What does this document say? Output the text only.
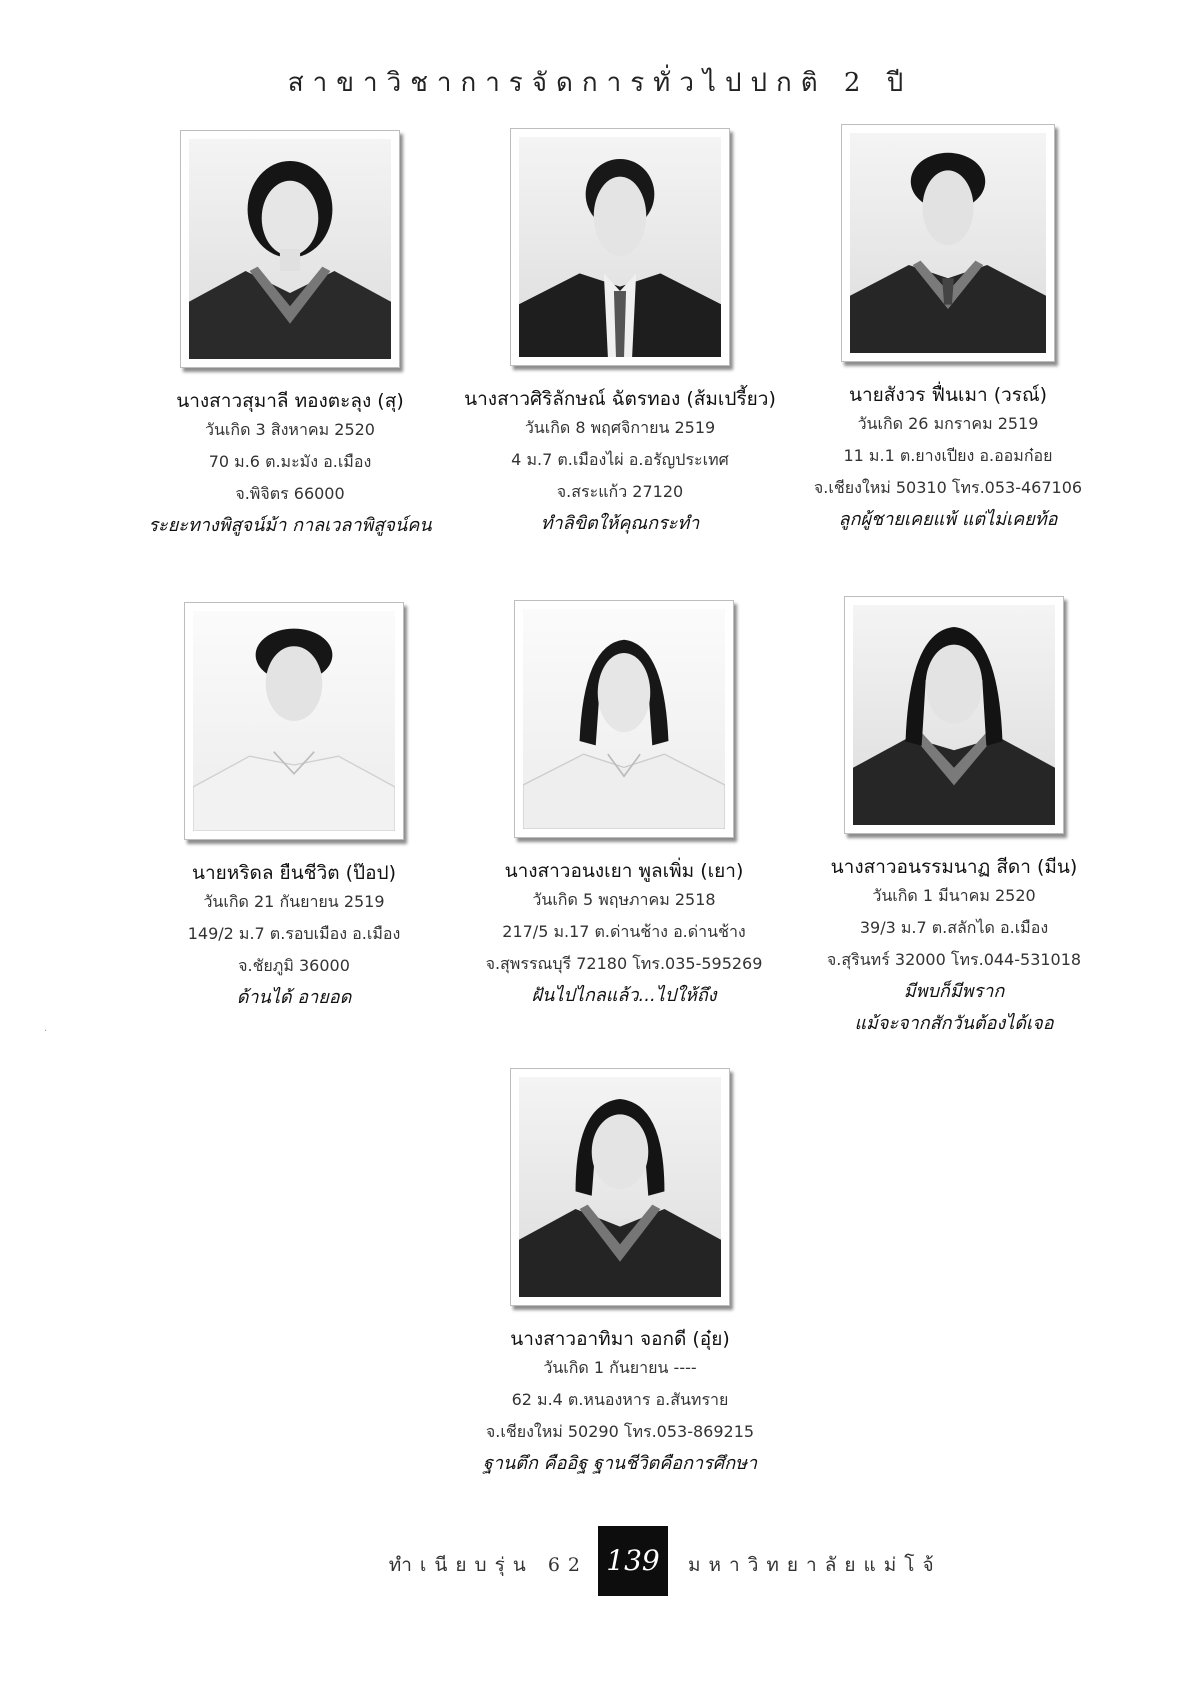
สาขาวิชาการจัดการทั่วไปปกติ 2 ปี
·
นางสาวสุมาลี ทองตะลุง (สุ)
วันเกิด 3 สิงหาคม 2520
70 ม.6 ต.มะมัง อ.เมือง
จ.พิจิตร 66000
ระยะทางพิสูจน์ม้า กาลเวลาพิสูจน์คน
นางสาวศิริลักษณ์ ฉัตรทอง (ส้มเปรี้ยว)
วันเกิด 8 พฤศจิกายน 2519
4 ม.7 ต.เมืองไผ่ อ.อรัญประเทศ
จ.สระแก้ว 27120
ทำลิขิตให้คุณกระทำ
นายสังวร ฟื่นเมา (วรณ์)
วันเกิด 26 มกราคม 2519
11 ม.1 ต.ยางเปียง อ.ออมก๋อย
จ.เชียงใหม่ 50310 โทร.053-467106
ลูกผู้ชายเคยแพ้ แต่ไม่เคยท้อ
นายหริดล ยืนชีวิต (ป๊อป)
วันเกิด 21 กันยายน 2519
149/2 ม.7 ต.รอบเมือง อ.เมือง
จ.ชัยภูมิ 36000
ด้านได้ อายอด
นางสาวอนงเยา พูลเพิ่ม (เยา)
วันเกิด 5 พฤษภาคม 2518
217/5 ม.17 ต.ด่านช้าง อ.ด่านช้าง
จ.สุพรรณบุรี 72180 โทร.035-595269
ฝันไปไกลแล้ว...ไปให้ถึง
นางสาวอนรรมนาฏ สีดา (มีน)
วันเกิด 1 มีนาคม 2520
39/3 ม.7 ต.สลักได อ.เมือง
จ.สุรินทร์ 32000 โทร.044-531018
มีพบก็มีพราก
แม้จะจากสักวันต้องได้เจอ
นางสาวอาทิมา จอกดี (อุ๋ย)
วันเกิด 1 กันยายน ----
62 ม.4 ต.หนองหาร อ.สันทราย
จ.เชียงใหม่ 50290 โทร.053-869215
ฐานตึก คืออิฐ ฐานชีวิตคือการศึกษา
ทำเนียบรุ่น 62 139	มหาวิทยาลัยแม่โจ้
